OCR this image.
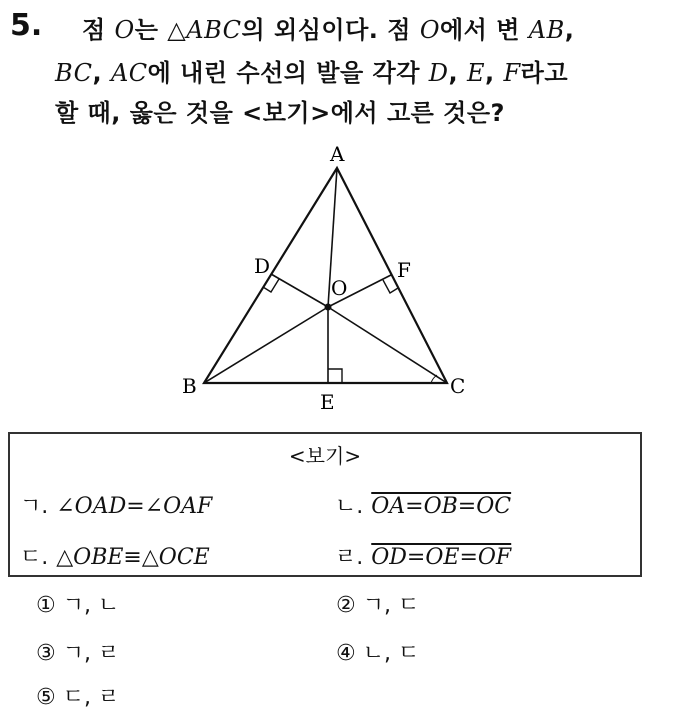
5. 점 O는 △ABC의 외심이다. 점 O에서 변 AB,
BC, AC에 내린 수선의 발을 각각 D, E, F라고
할 때, 옳은 것을 <보기>에서 고른 것은?
A
B	C
D
E
F
O
<보기>
ㄱ. ∠OAD=∠OAF	ㄴ. OA=OB=OC
ㄷ. △OBE≡△OCE	ㄹ. OD=OE=OF
① ㄱ, ㄴ	② ㄱ, ㄷ
③ ㄱ, ㄹ	④ ㄴ, ㄷ
⑤ ㄷ, ㄹ
